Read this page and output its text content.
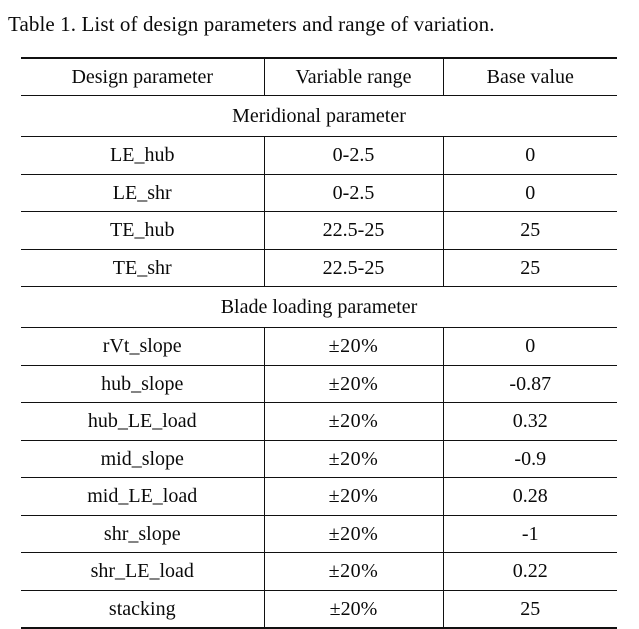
Table 1. List of design parameters and range of variation.
Design parameter	Variable range	Base value
Meridional parameter		
LE_hub	0-2.5	0
LE_shr	0-2.5	0
TE_hub	22.5-25	25
TE_shr	22.5-25	25
Blade loading parameter		
rVt_slope	±20%	0
hub_slope	±20%	-0.87
hub_LE_load	±20%	0.32
mid_slope	±20%	-0.9
mid_LE_load	±20%	0.28
shr_slope	±20%	-1
shr_LE_load	±20%	0.22
stacking	±20%	25
